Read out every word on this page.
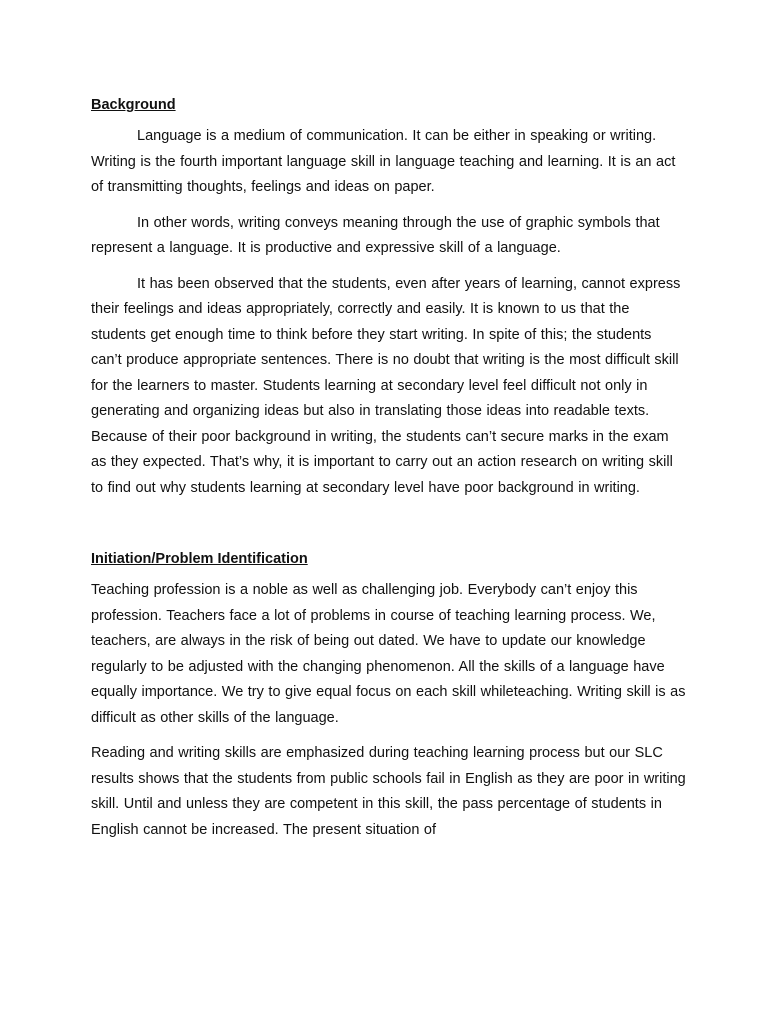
Background

Language is a medium of communication. It can be either in speaking or writing. Writing is the fourth important language skill in language teaching and learning. It is an act of transmitting thoughts, feelings and ideas on paper.

In other words, writing conveys meaning through the use of graphic symbols that represent a language. It is productive and expressive skill of a language.

It has been observed that the students, even after years of learning, cannot express their feelings and ideas appropriately, correctly and easily. It is known to us that the students get enough time to think before they start writing. In spite of this; the students can’t produce appropriate sentences. There is no doubt that writing is the most difficult skill for the learners to master. Students learning at secondary level feel difficult not only in generating and organizing ideas but also in translating those ideas into readable texts. Because of their poor background in writing, the students can’t secure marks in the exam as they expected. That’s why, it is important to carry out an action research on writing skill to find out why students learning at secondary level have poor background in writing.

Initiation/Problem Identification

Teaching profession is a noble as well as challenging job. Everybody can’t enjoy this profession. Teachers face a lot of problems in course of teaching learning process. We, teachers, are always in the risk of being out dated. We have to update our knowledge regularly to be adjusted with the changing phenomenon. All the skills of a language have equally importance. We try to give equal focus on each skill whileteaching. Writing skill is as difficult as other skills of the language.

Reading and writing skills are emphasized during teaching learning process but our SLC results shows that the students from public schools fail in English as they are poor in writing skill. Until and unless they are competent in this skill, the pass percentage of students in English cannot be increased. The present situation of
